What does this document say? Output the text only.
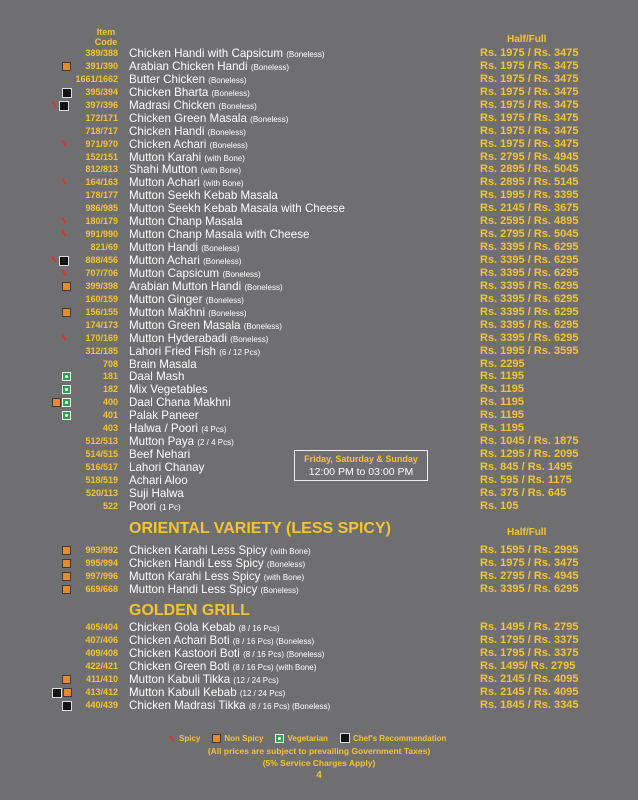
Item
Code	Half/Full
389/388 Chicken Handi with Capsicum (Boneless)	Rs. 1975 / Rs. 3475
391/390 Arabian Chicken Handi (Boneless)	Rs. 1975 / Rs. 3475
1661/1662 Butter Chicken (Boneless)	Rs. 1975 / Rs. 3475
395/394 Chicken Bharta (Boneless)	Rs. 1975 / Rs. 3475
397/396 Madrasi Chicken (Boneless)	Rs. 1975 / Rs. 3475
172/171 Chicken Green Masala (Boneless)	Rs. 1975 / Rs. 3475
718/717 Chicken Handi (Boneless)	Rs. 1975 / Rs. 3475
971/970 Chicken Achari (Boneless)	Rs. 1975 / Rs. 3475
152/151 Mutton Karahi (with Bone)	Rs. 2795 / Rs. 4945
812/813 Shahi Mutton (with Bone)	Rs. 2895 / Rs. 5045
164/163 Mutton Achari (with Bone)	Rs. 2895 / Rs. 5145
178/177 Mutton Seekh Kebab Masala	Rs. 1995 / Rs. 3395
986/985 Mutton Seekh Kebab Masala with Cheese	Rs. 2145 / Rs. 3675
180/179 Mutton Chanp Masala	Rs. 2595 / Rs. 4895
991/990 Mutton Chanp Masala with Cheese	Rs. 2795 / Rs. 5045
821/69 Mutton Handi (Boneless)	Rs. 3395 / Rs. 6295
888/456 Mutton Achari (Boneless)	Rs. 3395 / Rs. 6295
707/706 Mutton Capsicum (Boneless)	Rs. 3395 / Rs. 6295
399/398 Arabian Mutton Handi (Boneless)	Rs. 3395 / Rs. 6295
160/159 Mutton Ginger (Boneless)	Rs. 3395 / Rs. 6295
156/155 Mutton Makhni (Boneless)	Rs. 3395 / Rs. 6295
174/173 Mutton Green Masala (Boneless)	Rs. 3395 / Rs. 6295
170/169 Mutton Hyderabadi (Boneless)	Rs. 3395 / Rs. 6295
312/185 Lahori Fried Fish (6 / 12 Pcs)	Rs. 1995 / Rs. 3595
708 Brain Masala	Rs. 2295
181 Daal Mash	Rs. 1195
182 Mix Vegetables	Rs. 1195
400 Daal Chana Makhni	Rs. 1195
401 Palak Paneer	Rs. 1195
403 Halwa / Poori (4 Pcs)	Rs. 1195
512/513 Mutton Paya (2 / 4 Pcs)	Rs. 1045 / Rs. 1875
514/515 Beef Nehari	Rs. 1295 / Rs. 2095
516/517 Lahori Chanay	Rs. 845 / Rs. 1495
518/519 Achari Aloo	Rs. 595 / Rs. 1175
520/113 Suji Halwa	Rs. 375 / Rs. 645
522 Poori (1 Pc)	Rs. 105
Friday, Saturday & Sunday
12:00 PM to 03:00 PM
ORIENTAL VARIETY (LESS SPICY)	Half/Full
993/992 Chicken Karahi Less Spicy (with Bone)	Rs. 1595 / Rs. 2995
995/994 Chicken Handi Less Spicy (Boneless)	Rs. 1975 / Rs. 3475
997/996 Mutton Karahi Less Spicy (with Bone)	Rs. 2795 / Rs. 4945
669/668 Mutton Handi Less Spicy (Boneless)	Rs. 3395 / Rs. 6295
GOLDEN GRILL
405/404 Chicken Gola Kebab (8 / 16 Pcs)	Rs. 1495 / Rs. 2795
407/406 Chicken Achari Boti (8 / 16 Pcs) (Boneless)	Rs. 1795 / Rs. 3375
409/408 Chicken Kastoori Boti (8 / 16 Pcs) (Boneless)	Rs. 1795 / Rs. 3375
422/421 Chicken Green Boti (8 / 16 Pcs) (with Bone)	Rs. 1495/ Rs. 2795
411/410 Mutton Kabuli Tikka (12 / 24 Pcs)	Rs. 2145 / Rs. 4095
413/412 Mutton Kabuli Kebab (12 / 24 Pcs)	Rs. 2145 / Rs. 4095
440/439 Chicken Madrasi Tikka (8 / 16 Pcs) (Boneless)	Rs. 1845 / Rs. 3345
Spicy	Non Spicy	Vegetarian	Chef's Recommendation
(All prices are subject to prevailing Government Taxes)
(5% Service Charges Apply)
4
